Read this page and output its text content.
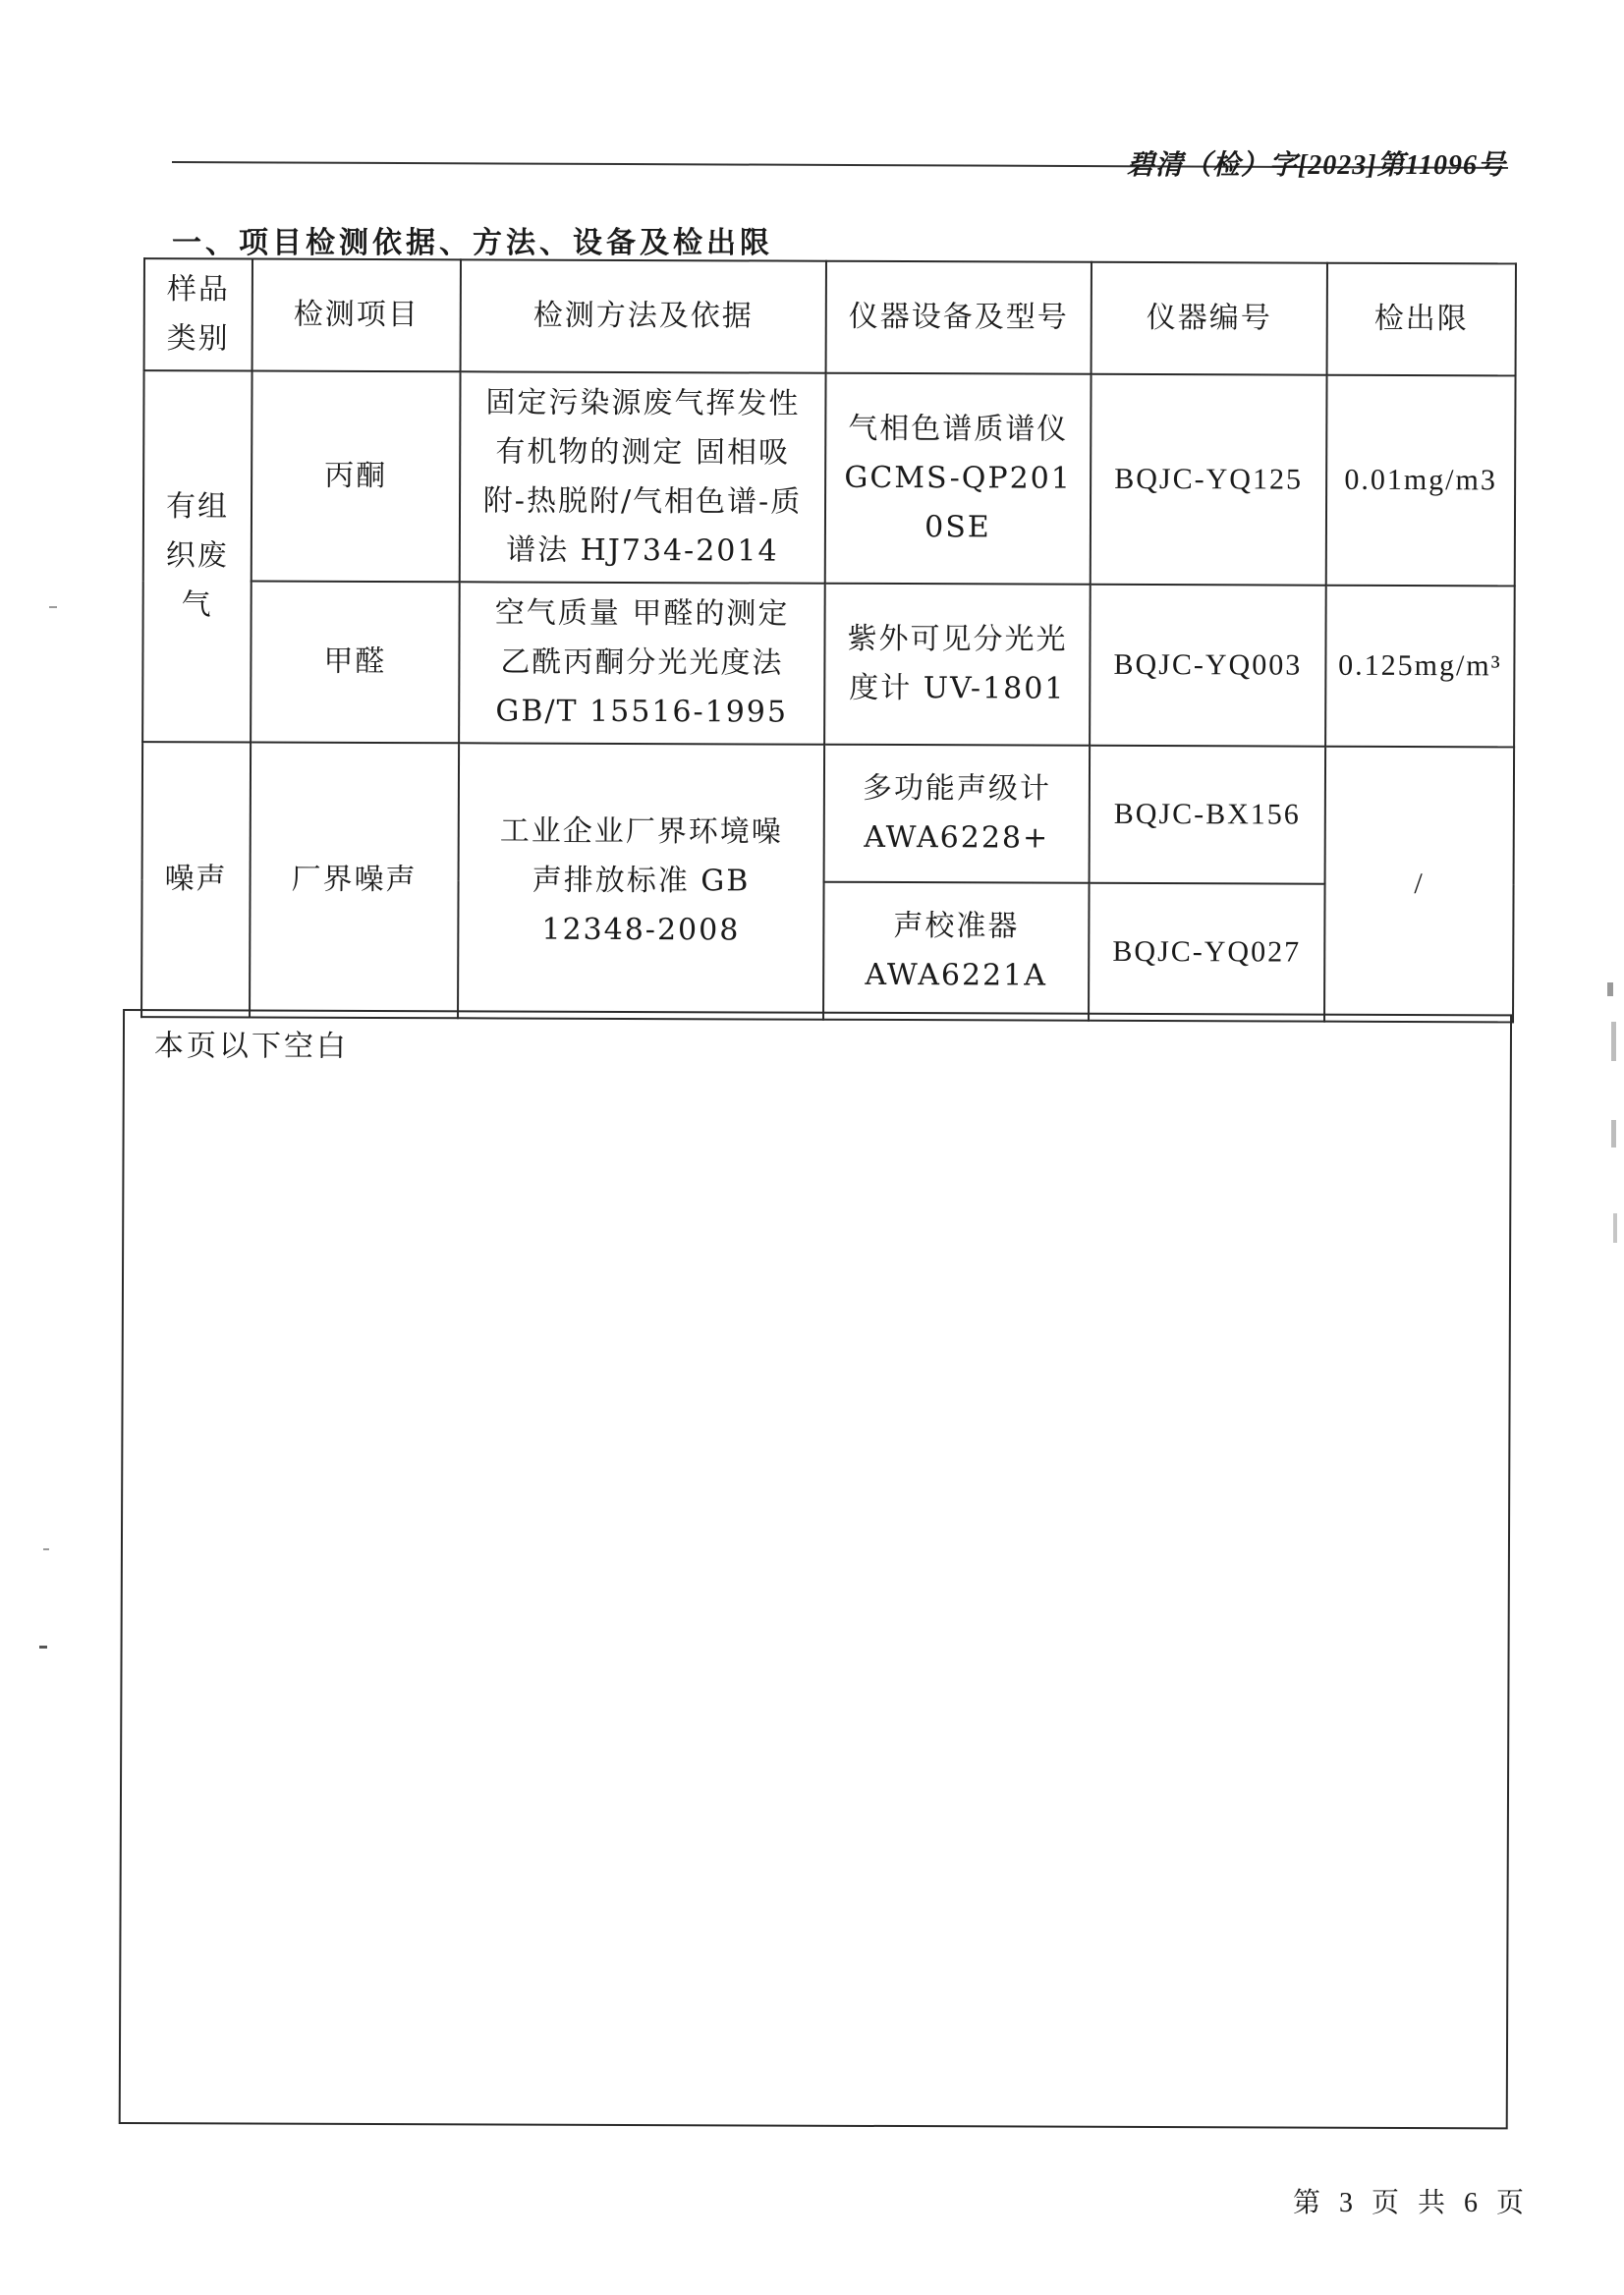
碧清（检）字[2023]第11096号
一、项目检测依据、方法、设备及检出限
样品类别	检测项目	检测方法及依据	仪器设备及型号	仪器编号	检出限
有组织废气	丙酮	固定污染源废气挥发性有机物的测定 固相吸附-热脱附/气相色谱-质谱法 HJ734-2014	气相色谱质谱仪 GCMS-QP2010SE	BQJC-YQ125	0.01mg/m3
	甲醛	空气质量 甲醛的测定 乙酰丙酮分光光度法 GB/T 15516-1995	紫外可见分光光度计 UV-1801	BQJC-YQ003	0.125mg/m³
噪声	厂界噪声	工业企业厂界环境噪声排放标准 GB 12348-2008	多功能声级计 AWA6228+	BQJC-BX156	/
			声校准器 AWA6221A	BQJC-YQ027	
本页以下空白
第 3 页 共 6 页
